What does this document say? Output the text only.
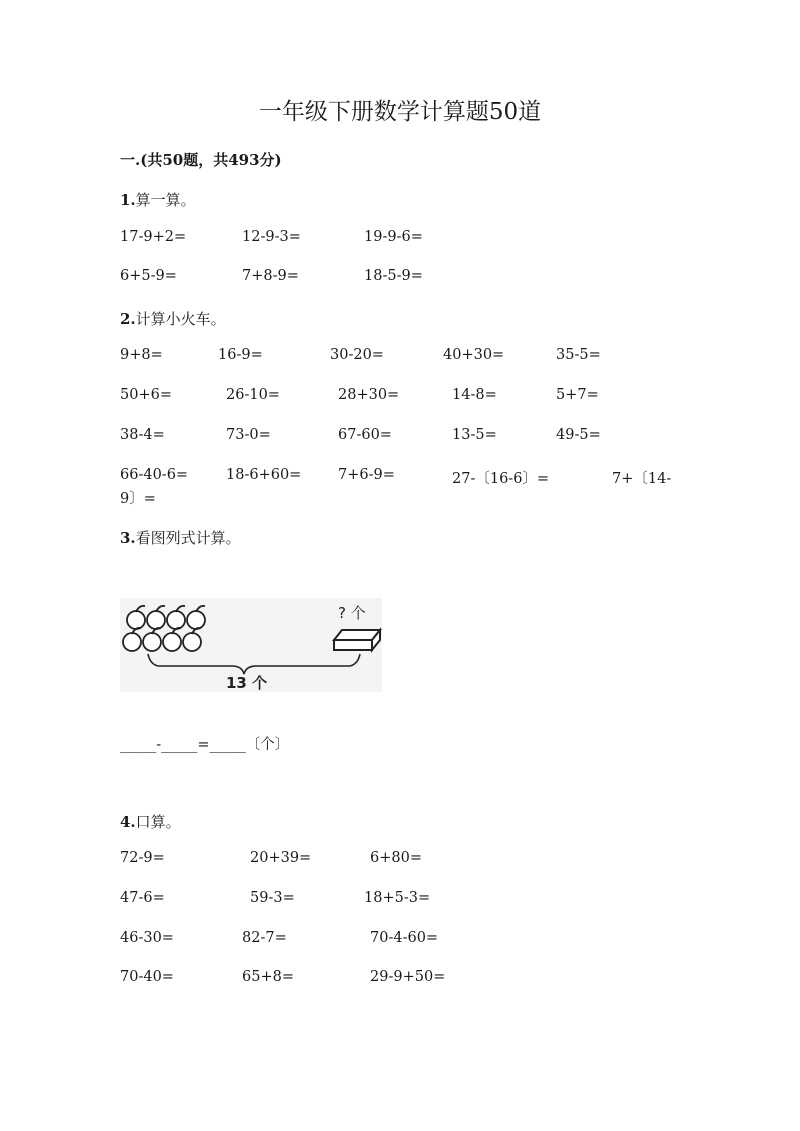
一年级下册数学计算题50道
一.(共50题，共493分)
1.算一算。
17-9+2=	12-9-3=	19-9-6=
6+5-9=	7+8-9=	18-5-9=
2.计算小火车。
9+8=	16-9=	30-20=	40+30=	35-5=
50+6=	26-10=	28+30=	14-8=	5+7=
38-4=	73-0=	67-60=	13-5=	49-5=
66-40-6=	18-6+60=	7+6-9=	27-〔16-6〕=	7+〔14-
9〕=
3.看图列式计算。
13 个
? 个
_____-_____=_____〔个〕
4.口算。
72-9=	20+39=	6+80=
47-6=	59-3=	18+5-3=
46-30=	82-7=	70-4-60=
70-40=	65+8=	29-9+50=
